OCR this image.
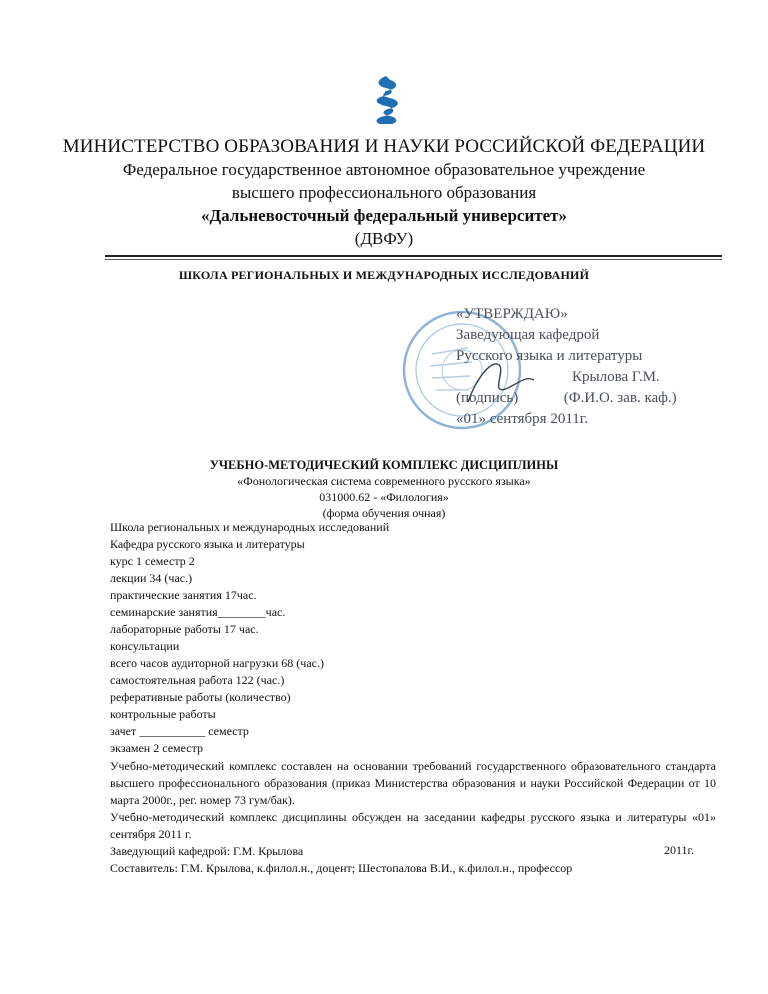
МИНИСТЕРСТВО ОБРАЗОВАНИЯ И НАУКИ РОССИЙСКОЙ ФЕДЕРАЦИИ
Федеральное государственное автономное образовательное учреждение
высшего профессионального образования
«Дальневосточный федеральный университет»
(ДВФУ)
ШКОЛА РЕГИОНАЛЬНЫХ И МЕЖДУНАРОДНЫХ ИССЛЕДОВАНИЙ
«УТВЕРЖДАЮ»
Заведующая кафедрой
Русского языка и литературы
Крылова Г.М.
(подпись)	(Ф.И.О. зав. каф.)
«01» сентября 2011г.
УЧЕБНО-МЕТОДИЧЕСКИЙ КОМПЛЕКС ДИСЦИПЛИНЫ
«Фонологическая система современного русского языка»
031000.62 - «Филология»
(форма обучения очная)
Школа региональных и международных исследований
Кафедра русского языка и литературы
курс 1 семестр 2
лекции 34 (час.)
практические занятия 17час.
семинарские занятия________час.
лабораторные работы 17 час.
консультации
всего часов аудиторной нагрузки 68 (час.)
самостоятельная работа 122 (час.)
реферативные работы (количество)
контрольные работы
зачет ___________ семестр
экзамен 2 семестр
Учебно-методический комплекс составлен на основании требований государственного образовательного стандарта высшего профессионального образования (приказ Министерства образования и науки Российской Федерации от 10 марта 2000г., рег. номер 73 гум/бак).
Учебно-методический комплекс дисциплины обсужден на заседании кафедры русского языка и литературы «01» сентября 2011 г.
Заведующий кафедрой: Г.М. Крылова	2011г.
Составитель: Г.М. Крылова, к.филол.н., доцент; Шестопалова В.И., к.филол.н., профессор
